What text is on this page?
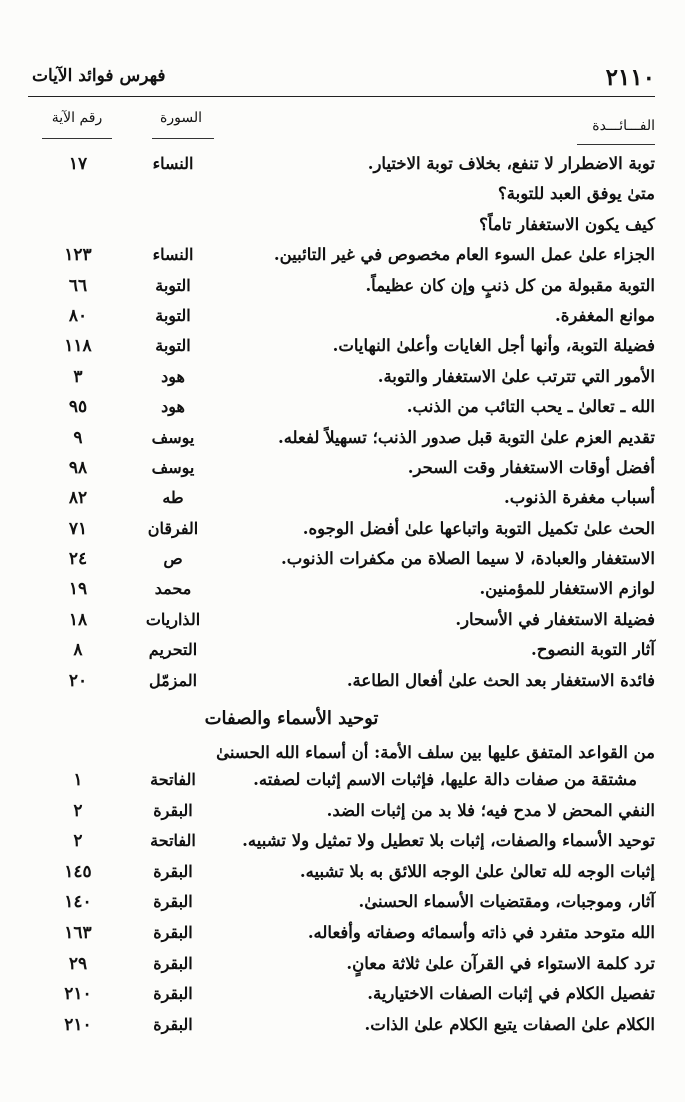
٢١١٠
فهرس فوائد الآيات
الفـــائـــدة
السورة
رقم الآية
توبة الاضطرار لا تنفع، بخلاف توبة الاختيار.
النساء
١٧
متىٰ يوفق العبد للتوبة؟
كيف يكون الاستغفار تاماً؟
الجزاء علىٰ عمل السوء العام مخصوص في غير التائبين.
النساء
١٢٣
التوبة مقبولة من كل ذنبٍ وإن كان عظيماً.
التوبة
٦٦
موانع المغفرة.
التوبة
٨٠
فضيلة التوبة، وأنها أجل الغايات وأعلىٰ النهايات.
التوبة
١١٨
الأمور التي تترتب علىٰ الاستغفار والتوبة.
هود
٣
الله ـ تعالىٰ ـ يحب التائب من الذنب.
هود
٩٥
تقديم العزم علىٰ التوبة قبل صدور الذنب؛ تسهيلاً لفعله.
يوسف
٩
أفضل أوقات الاستغفار وقت السحر.
يوسف
٩٨
أسباب مغفرة الذنوب.
طه
٨٢
الحث علىٰ تكميل التوبة واتباعها علىٰ أفضل الوجوه.
الفرقان
٧١
الاستغفار والعبادة، لا سيما الصلاة من مكفرات الذنوب.
ص
٢٤
لوازم الاستغفار للمؤمنين.
محمد
١٩
فضيلة الاستغفار في الأسحار.
الذاريات
١٨
آثار التوبة النصوح.
التحريم
٨
فائدة الاستغفار بعد الحث علىٰ أفعال الطاعة.
المزمّل
٢٠
توحيد الأسماء والصفات
من القواعد المتفق عليها بين سلف الأمة: أن أسماء الله الحسنىٰ
مشتقة من صفات دالة عليها، فإثبات الاسم إثبات لصفته.
الفاتحة
١
النفي المحض لا مدح فيه؛ فلا بد من إثبات الضد.
البقرة
٢
توحيد الأسماء والصفات، إثبات بلا تعطيل ولا تمثيل ولا تشبيه.
الفاتحة
٢
إثبات الوجه لله تعالىٰ علىٰ الوجه اللائق به بلا تشبيه.
البقرة
١٤٥
آثار، وموجبات، ومقتضيات الأسماء الحسنىٰ.
البقرة
١٤٠
الله متوحد متفرد في ذاته وأسمائه وصفاته وأفعاله.
البقرة
١٦٣
ترد كلمة الاستواء في القرآن علىٰ ثلاثة معانٍ.
البقرة
٢٩
تفصيل الكلام في إثبات الصفات الاختيارية.
البقرة
٢١٠
الكلام علىٰ الصفات يتبع الكلام علىٰ الذات.
البقرة
٢١٠
